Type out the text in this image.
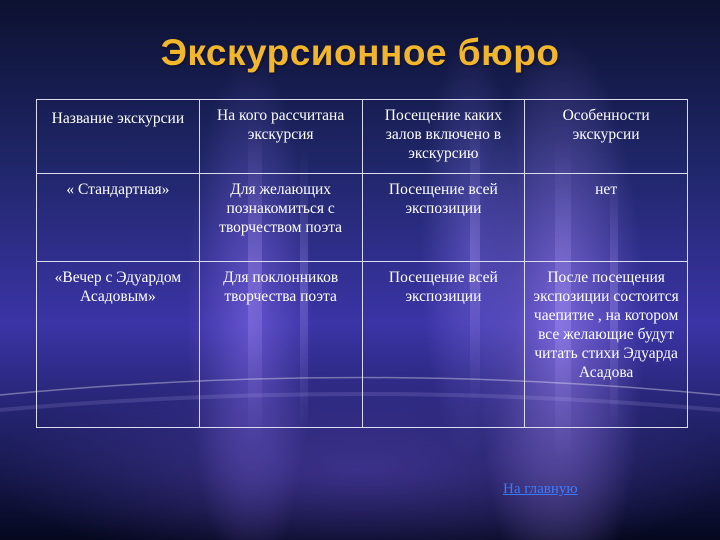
Экскурсионное бюро
Название экскурсии	На кого рассчитана экскурсия	Посещение каких залов включено в экскурсию	Особенности экскурсии
« Стандартная»	Для желающих познакомиться с творчеством поэта	Посещение всей экспозиции	нет
«Вечер с Эдуардом Асадовым»	Для поклонников творчества поэта	Посещение всей экспозиции	После посещения экспозиции состоится чаепитие , на котором все желающие будут читать стихи Эдуарда Асадова
На главную
